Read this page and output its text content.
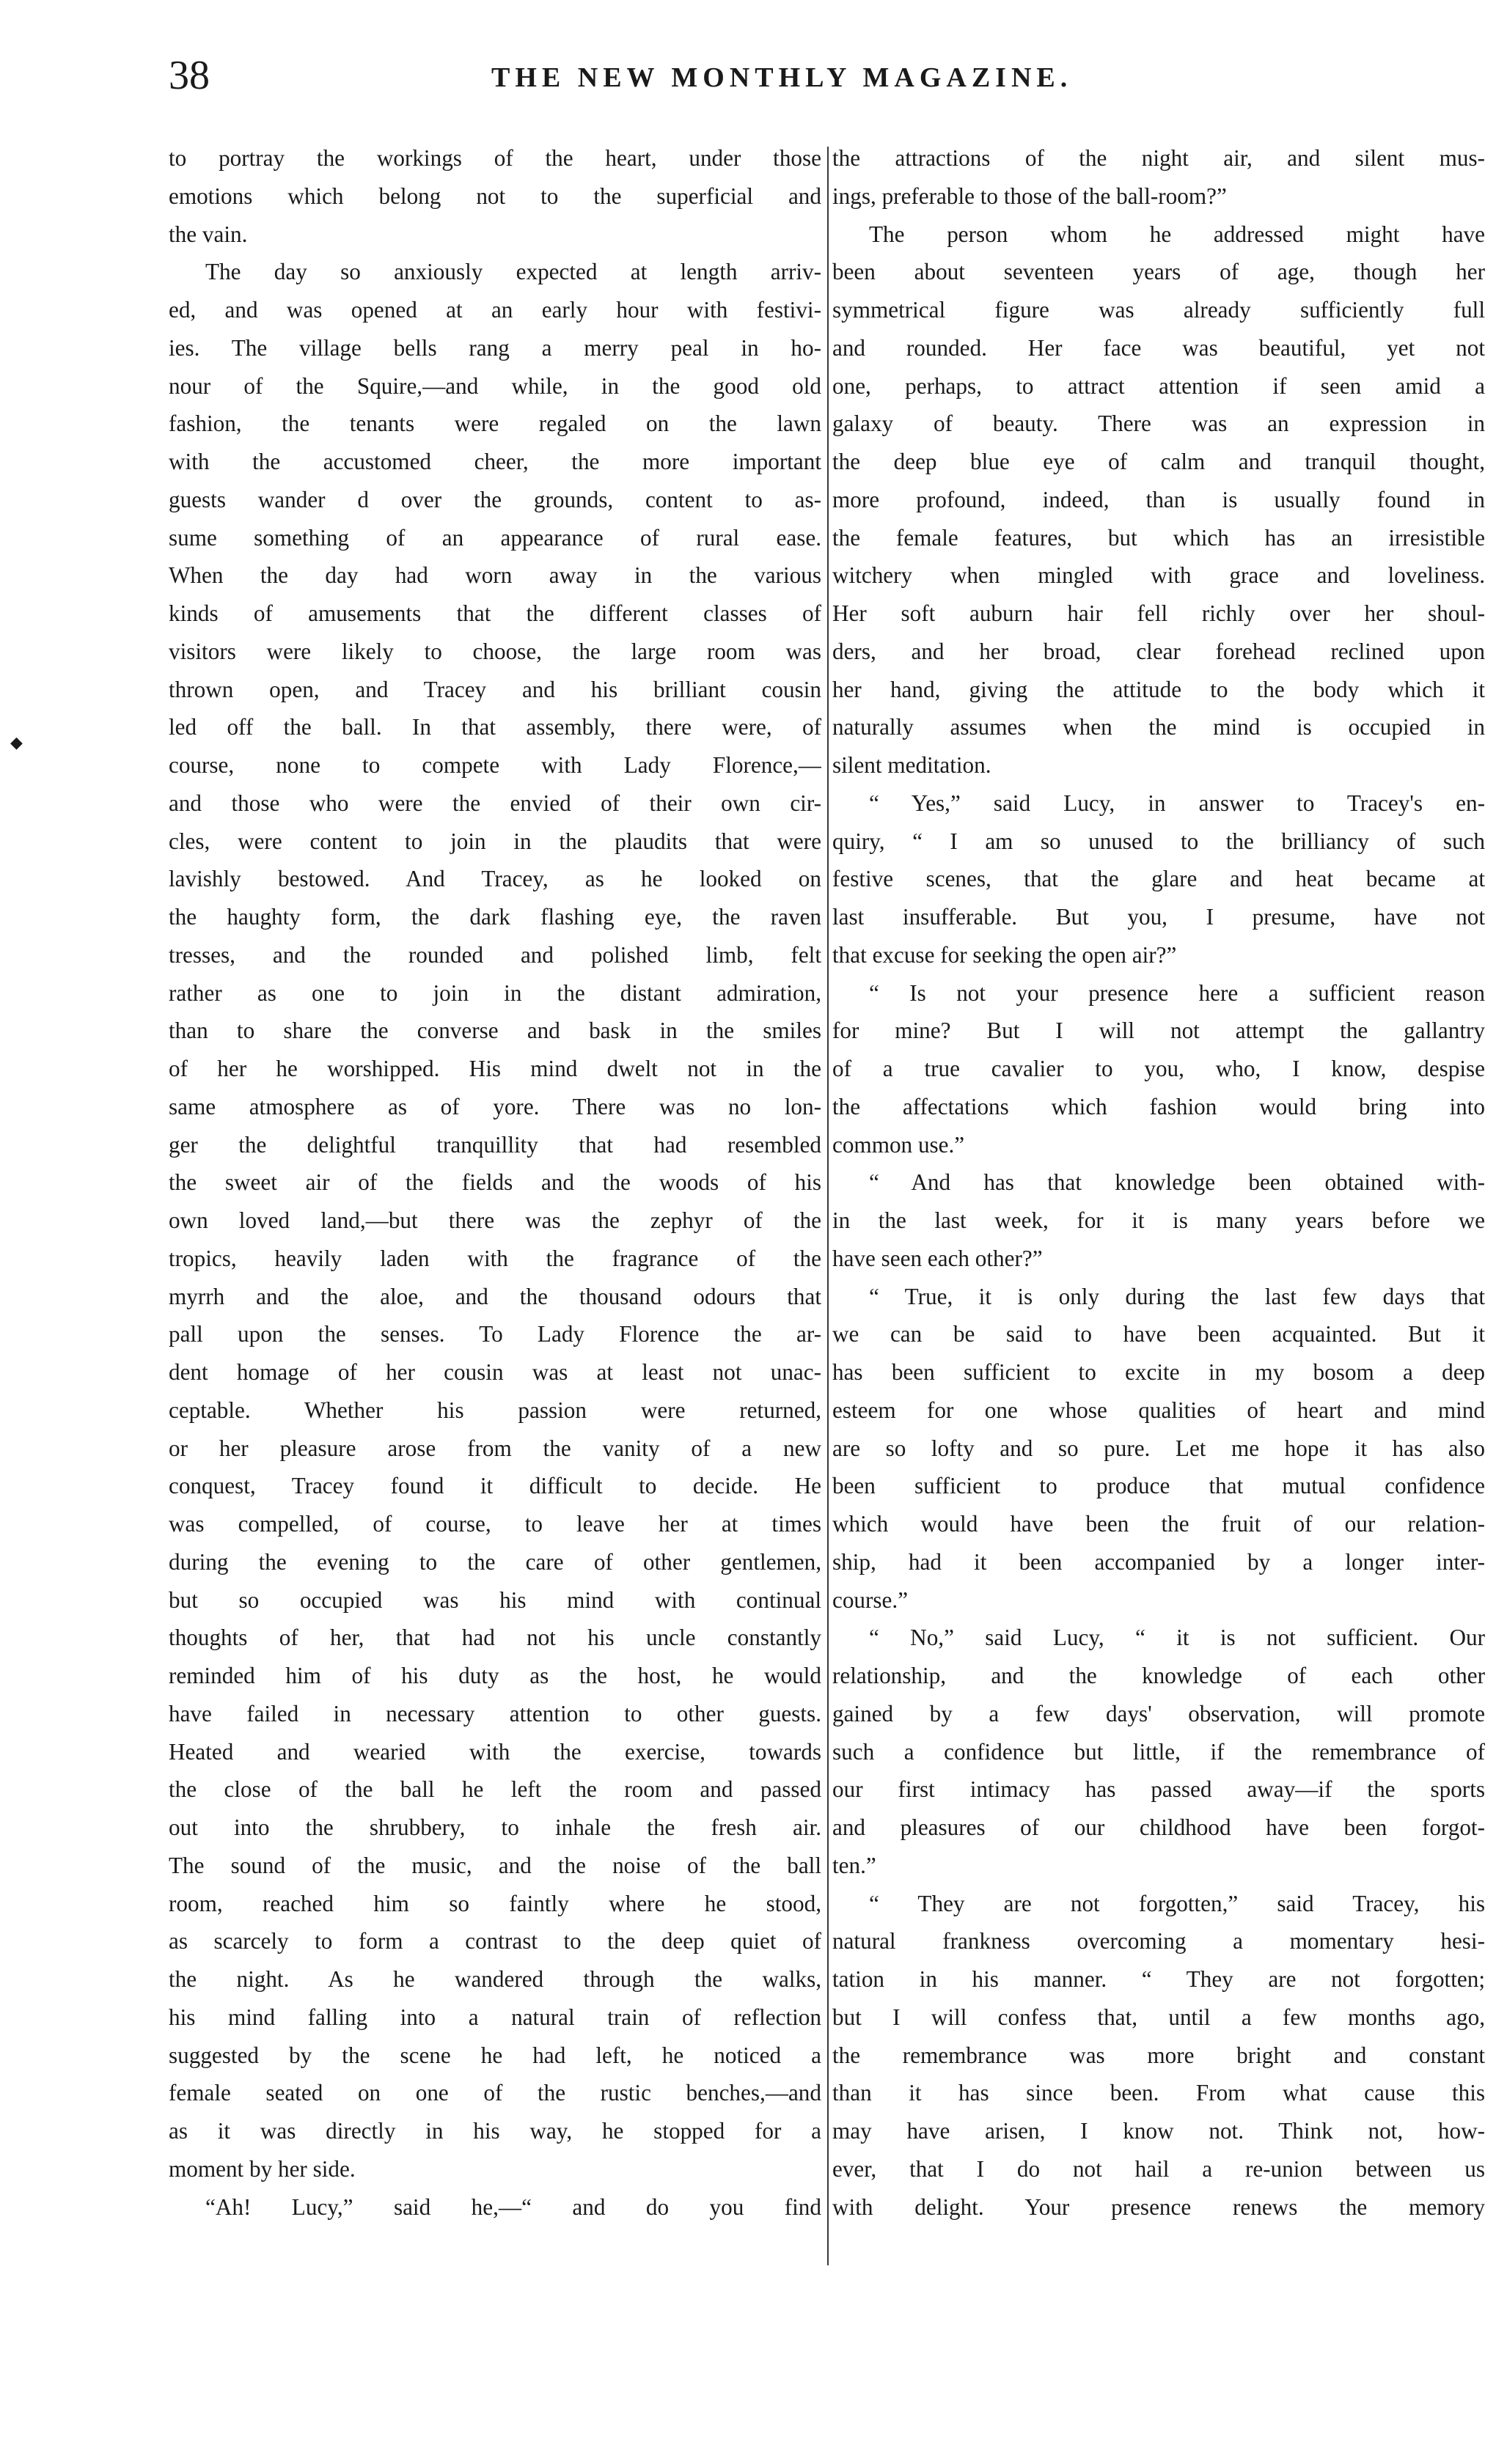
38	THE NEW MONTHLY MAGAZINE.
◆
to portray the workings of the heart, under those
emotions which belong not to the superficial and
the vain.
The day so anxiously expected at length arriv-
ed, and was opened at an early hour with festivi-
ies. The village bells rang a merry peal in ho-
nour of the Squire,—and while, in the good old
fashion, the tenants were regaled on the lawn
with the accustomed cheer, the more important
guests wander d over the grounds, content to as-
sume something of an appearance of rural ease.
When the day had worn away in the various
kinds of amusements that the different classes of
visitors were likely to choose, the large room was
thrown open, and Tracey and his brilliant cousin
led off the ball. In that assembly, there were, of
course, none to compete with Lady Florence,—
and those who were the envied of their own cir-
cles, were content to join in the plaudits that were
lavishly bestowed. And Tracey, as he looked on
the haughty form, the dark flashing eye, the raven
tresses, and the rounded and polished limb, felt
rather as one to join in the distant admiration,
than to share the converse and bask in the smiles
of her he worshipped. His mind dwelt not in the
same atmosphere as of yore. There was no lon-
ger the delightful tranquillity that had resembled
the sweet air of the fields and the woods of his
own loved land,—but there was the zephyr of the
tropics, heavily laden with the fragrance of the
myrrh and the aloe, and the thousand odours that
pall upon the senses. To Lady Florence the ar-
dent homage of her cousin was at least not unac-
ceptable. Whether his passion were returned,
or her pleasure arose from the vanity of a new
conquest, Tracey found it difficult to decide. He
was compelled, of course, to leave her at times
during the evening to the care of other gentlemen,
but so occupied was his mind with continual
thoughts of her, that had not his uncle constantly
reminded him of his duty as the host, he would
have failed in necessary attention to other guests.
Heated and wearied with the exercise, towards
the close of the ball he left the room and passed
out into the shrubbery, to inhale the fresh air.
The sound of the music, and the noise of the ball
room, reached him so faintly where he stood,
as scarcely to form a contrast to the deep quiet of
the night. As he wandered through the walks,
his mind falling into a natural train of reflection
suggested by the scene he had left, he noticed a
female seated on one of the rustic benches,—and
as it was directly in his way, he stopped for a
moment by her side.
“Ah! Lucy,” said he,—“ and do you find
the attractions of the night air, and silent mus-
ings, preferable to those of the ball-room?”
The person whom he addressed might have
been about seventeen years of age, though her
symmetrical figure was already sufficiently full
and rounded. Her face was beautiful, yet not
one, perhaps, to attract attention if seen amid a
galaxy of beauty. There was an expression in
the deep blue eye of calm and tranquil thought,
more profound, indeed, than is usually found in
the female features, but which has an irresistible
witchery when mingled with grace and loveliness.
Her soft auburn hair fell richly over her shoul-
ders, and her broad, clear forehead reclined upon
her hand, giving the attitude to the body which it
naturally assumes when the mind is occupied in
silent meditation.
“ Yes,” said Lucy, in answer to Tracey's en-
quiry, “ I am so unused to the brilliancy of such
festive scenes, that the glare and heat became at
last insufferable. But you, I presume, have not
that excuse for seeking the open air?”
“ Is not your presence here a sufficient reason
for mine? But I will not attempt the gallantry
of a true cavalier to you, who, I know, despise
the affectations which fashion would bring into
common use.”
“ And has that knowledge been obtained with-
in the last week, for it is many years before we
have seen each other?”
“ True, it is only during the last few days that
we can be said to have been acquainted. But it
has been sufficient to excite in my bosom a deep
esteem for one whose qualities of heart and mind
are so lofty and so pure. Let me hope it has also
been sufficient to produce that mutual confidence
which would have been the fruit of our relation-
ship, had it been accompanied by a longer inter-
course.”
“ No,” said Lucy, “ it is not sufficient. Our
relationship, and the knowledge of each other
gained by a few days' observation, will promote
such a confidence but little, if the remembrance of
our first intimacy has passed away—if the sports
and pleasures of our childhood have been forgot-
ten.”
“ They are not forgotten,” said Tracey, his
natural frankness overcoming a momentary hesi-
tation in his manner. “ They are not forgotten;
but I will confess that, until a few months ago,
the remembrance was more bright and constant
than it has since been. From what cause this
may have arisen, I know not. Think not, how-
ever, that I do not hail a re-union between us
with delight. Your presence renews the memory
